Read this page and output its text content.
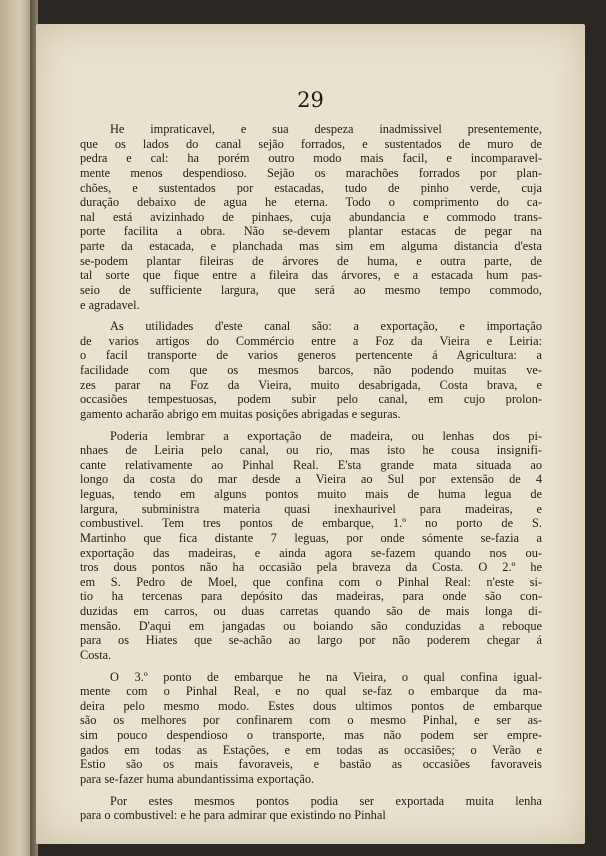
29
He impraticavel, e sua despeza inadmissivel presentemente,
que os lados do canal sejão forrados, e sustentados de muro de
pedra e cal: ha porém outro modo mais facil, e incomparavel-
mente menos despendioso. Sejão os marachões forrados por plan-
chões, e sustentados por estacadas, tudo de pinho verde, cuja
duração debaixo de agua he eterna. Todo o comprimento do ca-
nal está avizinhado de pinhaes, cuja abundancia e commodo trans-
porte facilita a obra. Não se-devem plantar estacas de pegar na
parte da estacada, e planchada mas sim em alguma distancia d'esta
se-podem plantar fileiras de árvores de huma, e outra parte, de
tal sorte que fique entre a fileira das árvores, e a estacada hum pas-
seio de sufficiente largura, que será ao mesmo tempo commodo,
e agradavel.
As utilidades d'este canal são: a exportação, e importação
de varios artigos do Commércio entre a Foz da Vieira e Leiria:
o facil transporte de varios generos pertencente á Agricultura: a
facilidade com que os mesmos barcos, não podendo muitas ve-
zes parar na Foz da Vieira, muito desabrigada, Costa brava, e
occasiões tempestuosas, podem subir pelo canal, em cujo prolon-
gamento acharão abrigo em muitas posições abrigadas e seguras.
Poderia lembrar a exportação de madeira, ou lenhas dos pi-
nhaes de Leiria pelo canal, ou rio, mas isto he cousa insignifi-
cante relativamente ao Pinhal Real. E'sta grande mata situada ao
longo da costa do mar desde a Vieira ao Sul por extensão de 4
leguas, tendo em alguns pontos muito mais de huma legua de
largura, subministra materia quasi inexhaurivel para madeiras, e
combustivel. Tem tres pontos de embarque, 1.º no porto de S.
Martinho que fica distante 7 leguas, por onde sómente se-fazia a
exportação das madeiras, e ainda agora se-fazem quando nos ou-
tros dous pontos não ha occasião pela braveza da Costa. O 2.º he
em S. Pedro de Moel, que confina com o Pinhal Real: n'este si-
tio ha tercenas para depósito das madeiras, para onde são con-
duzidas em carros, ou duas carretas quando são de mais longa di-
mensão. D'aqui em jangadas ou boiando são conduzidas a reboque
para os Hiates que se-achão ao largo por não poderem chegar á
Costa.
O 3.º ponto de embarque he na Vieira, o qual confina igual-
mente com o Pinhal Real, e no qual se-faz o embarque da ma-
deira pelo mesmo modo. Estes dous ultimos pontos de embarque
são os melhores por confinarem com o mesmo Pinhal, e ser as-
sim pouco despendioso o transporte, mas não podem ser empre-
gados em todas as Estações, e em todas as occasiões; o Verão e
Estio são os mais favoraveis, e bastão as occasiões favoraveis
para se-fazer huma abundantissima exportação.
Por estes mesmos pontos podia ser exportada muita lenha
para o combustivel: e he para admirar que existindo no Pinhal
